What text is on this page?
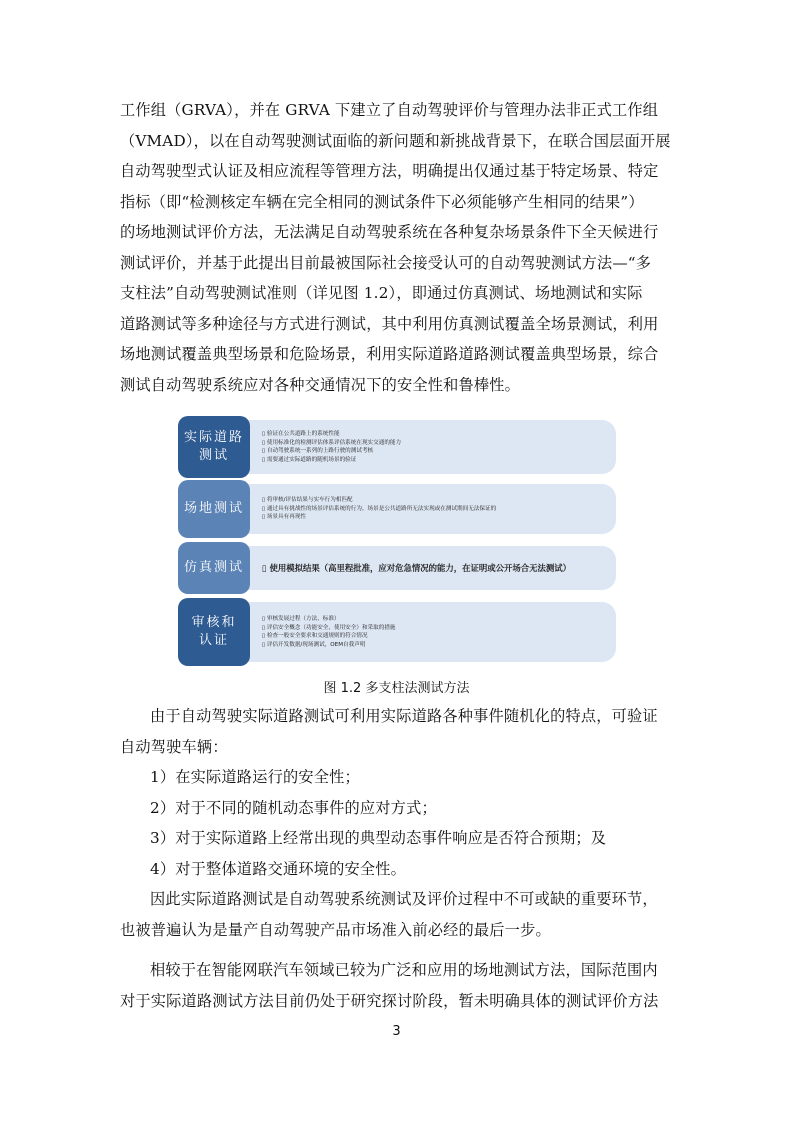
工作组（GRVA），并在 GRVA 下建立了自动驾驶评价与管理办法非正式工作组
（VMAD），以在自动驾驶测试面临的新问题和新挑战背景下，在联合国层面开展
自动驾驶型式认证及相应流程等管理方法，明确提出仅通过基于特定场景、特定
指标（即“检测核定车辆在完全相同的测试条件下必须能够产生相同的结果”）
的场地测试评价方法，无法满足自动驾驶系统在各种复杂场景条件下全天候进行
测试评价，并基于此提出目前最被国际社会接受认可的自动驾驶测试方法—“多
支柱法”自动驾驶测试准则（详见图 1.2），即通过仿真测试、场地测试和实际
道路测试等多种途径与方式进行测试，其中利用仿真测试覆盖全场景测试，利用
场地测试覆盖典型场景和危险场景，利用实际道路道路测试覆盖典型场景，综合
测试自动驾驶系统应对各种交通情况下的安全性和鲁棒性。
实际道路测试
▯ 验证在公共道路上的系统性能
▯ 使用标准化的检测评估体系评估系统在现实交通的能力
▯ 自动驾驶系统一系列的上路行驶的测试考核
▯ 需要通过实际道路的随机场景的验证
场地测试
▯ 将审核/评估结果与实车行为相匹配
▯ 通过具有挑战性的场景评估系统的行为，场景是公共道路所无法实现或在测试期间无法保证的
▯ 场景具有再现性
仿真测试
▯	使用模拟结果（高里程批准，应对危急情况的能力，在证明或公开场合无法测试）
审核和认证
▯ 审核发展过程（方法，标准）
▯ 评估安全概念（功能安全，使用安全）和采取的措施
▯ 检查一般安全要求和交通规则的符合情况
▯ 评估开发数据/现场测试，OEM自我声明
图 1.2 多支柱法测试方法
由于自动驾驶实际道路测试可利用实际道路各种事件随机化的特点，可验证
自动驾驶车辆：
1）在实际道路运行的安全性；
2）对于不同的随机动态事件的应对方式；
3）对于实际道路上经常出现的典型动态事件响应是否符合预期；及
4）对于整体道路交通环境的安全性。
因此实际道路测试是自动驾驶系统测试及评价过程中不可或缺的重要环节，
也被普遍认为是量产自动驾驶产品市场准入前必经的最后一步。
相较于在智能网联汽车领域已较为广泛和应用的场地测试方法，国际范围内
对于实际道路测试方法目前仍处于研究探讨阶段，暂未明确具体的测试评价方法
3
